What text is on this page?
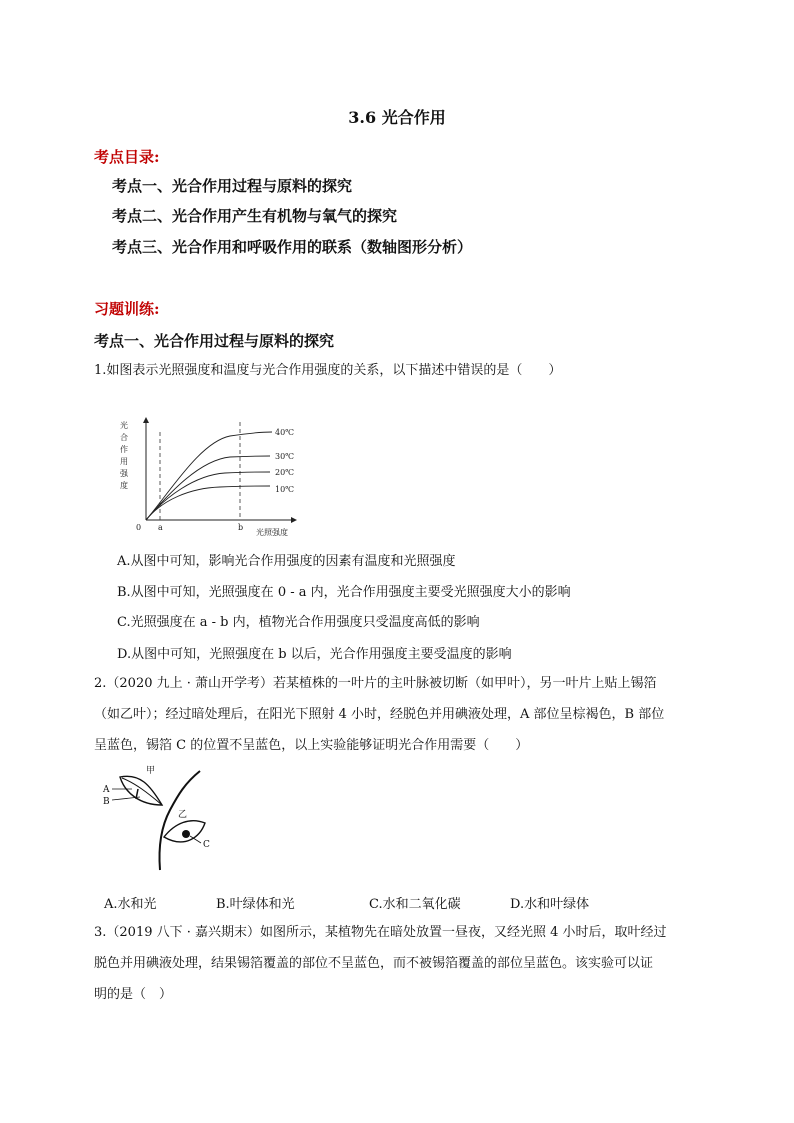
3.6 光合作用
考点目录:
考点一、光合作用过程与原料的探究
考点二、光合作用产生有机物与氧气的探究
考点三、光合作用和呼吸作用的联系（数轴图形分析）
习题训练:
考点一、光合作用过程与原料的探究
1.如图表示光照强度和温度与光合作用强度的关系，以下描述中错误的是（　　）
光
合
作
用
强
度
40℃
30℃
20℃
10℃
0 a	b
光照强度
A.从图中可知，影响光合作用强度的因素有温度和光照强度
B.从图中可知，光照强度在 0 - a 内，光合作用强度主要受光照强度大小的影响
C.光照强度在 a - b 内，植物光合作用强度只受温度高低的影响
D.从图中可知，光照强度在 b 以后，光合作用强度主要受温度的影响
2.（2020 九上 · 萧山开学考）若某植株的一叶片的主叶脉被切断（如甲叶），另一叶片上贴上锡箔
（如乙叶）；经过暗处理后，在阳光下照射 4 小时，经脱色并用碘液处理，A 部位呈棕褐色，B 部位
呈蓝色，锡箔 C 的位置不呈蓝色，以上实验能够证明光合作用需要（　　）
甲
乙
A
B
C
A.水和光	B.叶绿体和光	C.水和二氧化碳	D.水和叶绿体
3.（2019 八下 · 嘉兴期末）如图所示，某植物先在暗处放置一昼夜，又经光照 4 小时后，取叶经过
脱色并用碘液处理，结果锡箔覆盖的部位不呈蓝色，而不被锡箔覆盖的部位呈蓝色。该实验可以证
明的是（　）
